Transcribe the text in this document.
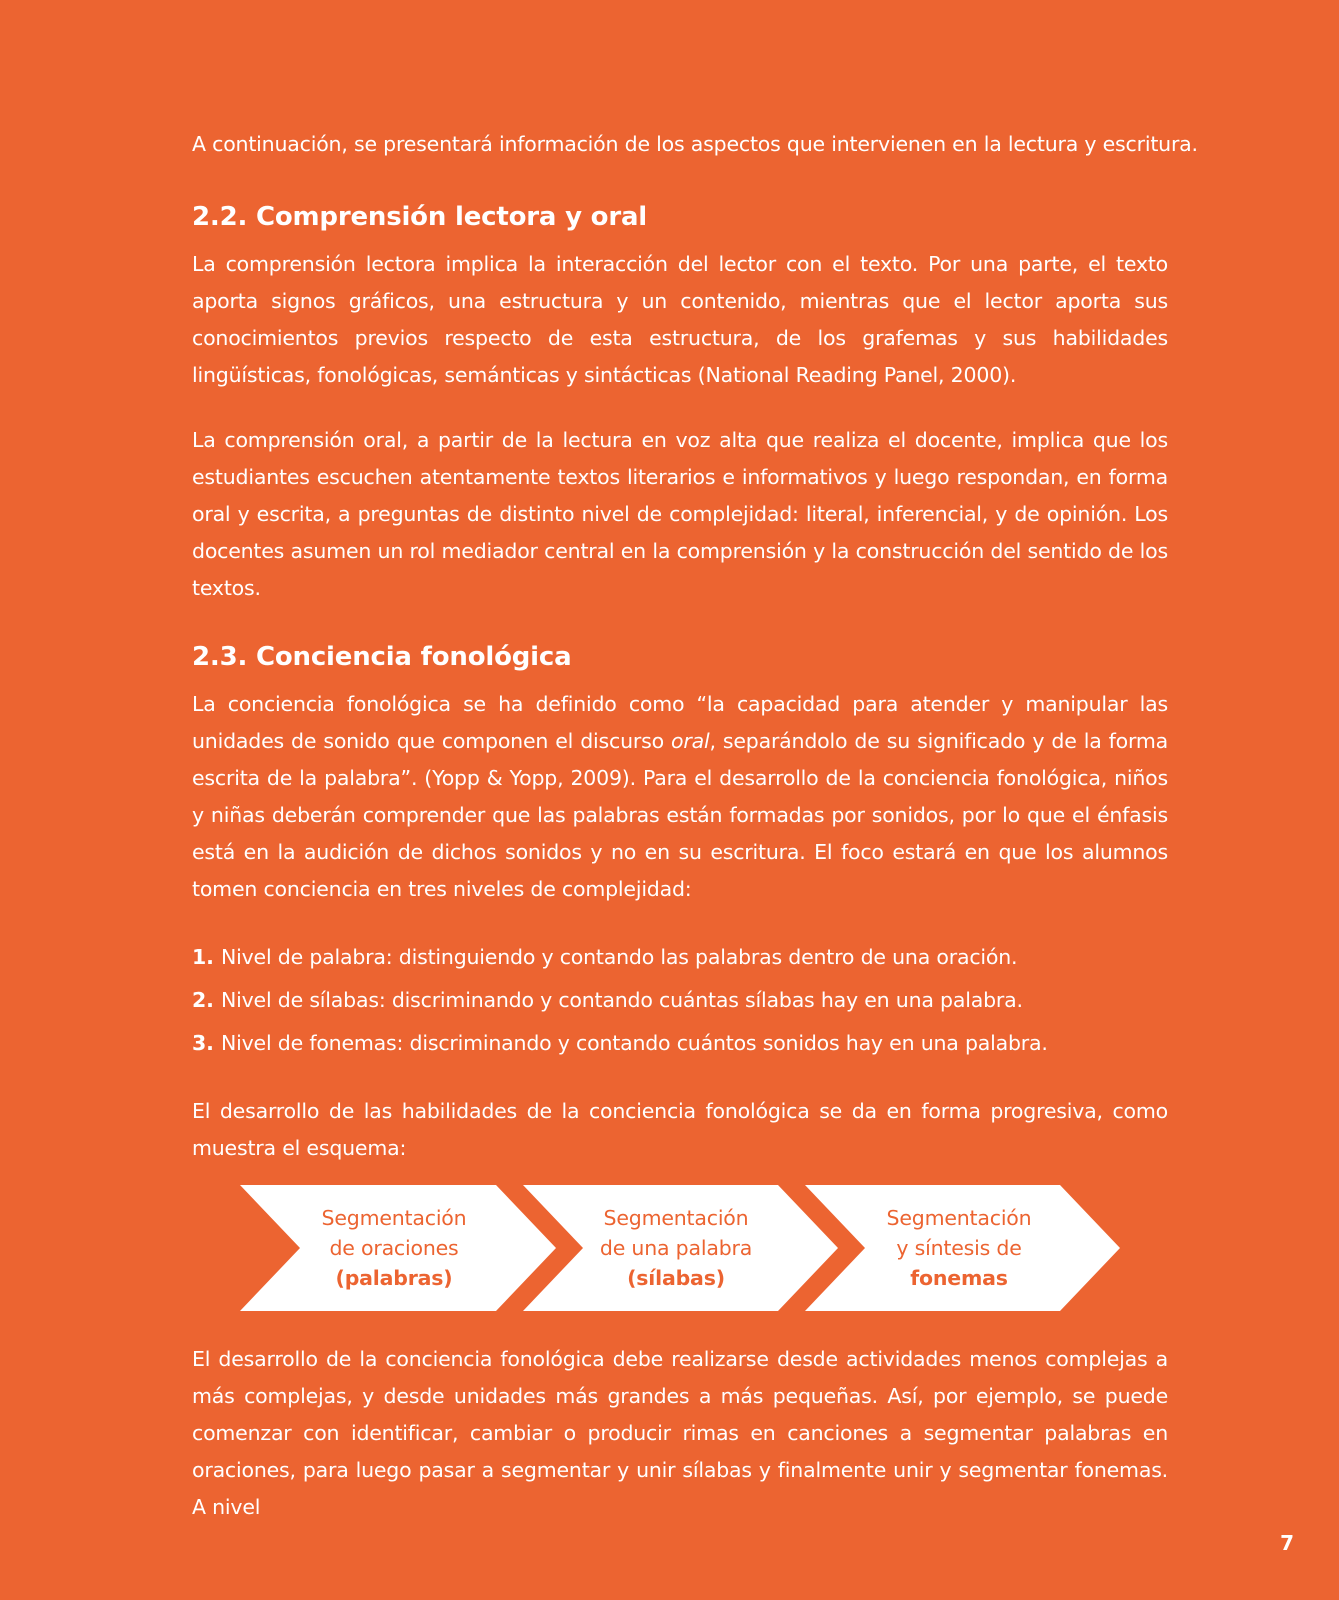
A continuación, se presentará información de los aspectos que intervienen en la lectura y escritura.

2.2. Comprensión lectora y oral

La comprensión lectora implica la interacción del lector con el texto. Por una parte, el texto aporta signos gráficos, una estructura y un contenido, mientras que el lector aporta sus conocimientos previos respecto de esta estructura, de los grafemas y sus habilidades lingüísticas, fonológicas, semánticas y sintácticas (National Reading Panel, 2000).

La comprensión oral, a partir de la lectura en voz alta que realiza el docente, implica que los estudiantes escuchen atentamente textos literarios e informativos y luego respondan, en forma oral y escrita, a preguntas de distinto nivel de complejidad: literal, inferencial, y de opinión. Los docentes asumen un rol mediador central en la comprensión y la construcción del sentido de los textos.

2.3. Conciencia fonológica

La conciencia fonológica se ha definido como “la capacidad para atender y manipular las unidades de sonido que componen el discurso oral, separándolo de su significado y de la forma escrita de la palabra”. (Yopp & Yopp, 2009). Para el desarrollo de la conciencia fonológica, niños y niñas deberán comprender que las palabras están formadas por sonidos, por lo que el énfasis está en la audición de dichos sonidos y no en su escritura. El foco estará en que los alumnos tomen conciencia en tres niveles de complejidad:

1. Nivel de palabra: distinguiendo y contando las palabras dentro de una oración.
2. Nivel de sílabas: discriminando y contando cuántas sílabas hay en una palabra.
3. Nivel de fonemas: discriminando y contando cuántos sonidos hay en una palabra.

El desarrollo de las habilidades de la conciencia fonológica se da en forma progresiva, como muestra el esquema:

Segmentación
de oraciones
(palabras)
Segmentación
de una palabra
(sílabas)
Segmentación
y síntesis de
fonemas

El desarrollo de la conciencia fonológica debe realizarse desde actividades menos complejas a más complejas, y desde unidades más grandes a más pequeñas. Así, por ejemplo, se puede comenzar con identificar, cambiar o producir rimas en canciones a segmentar palabras en oraciones, para luego pasar a segmentar y unir sílabas y finalmente unir y segmentar fonemas. A nivel

7
